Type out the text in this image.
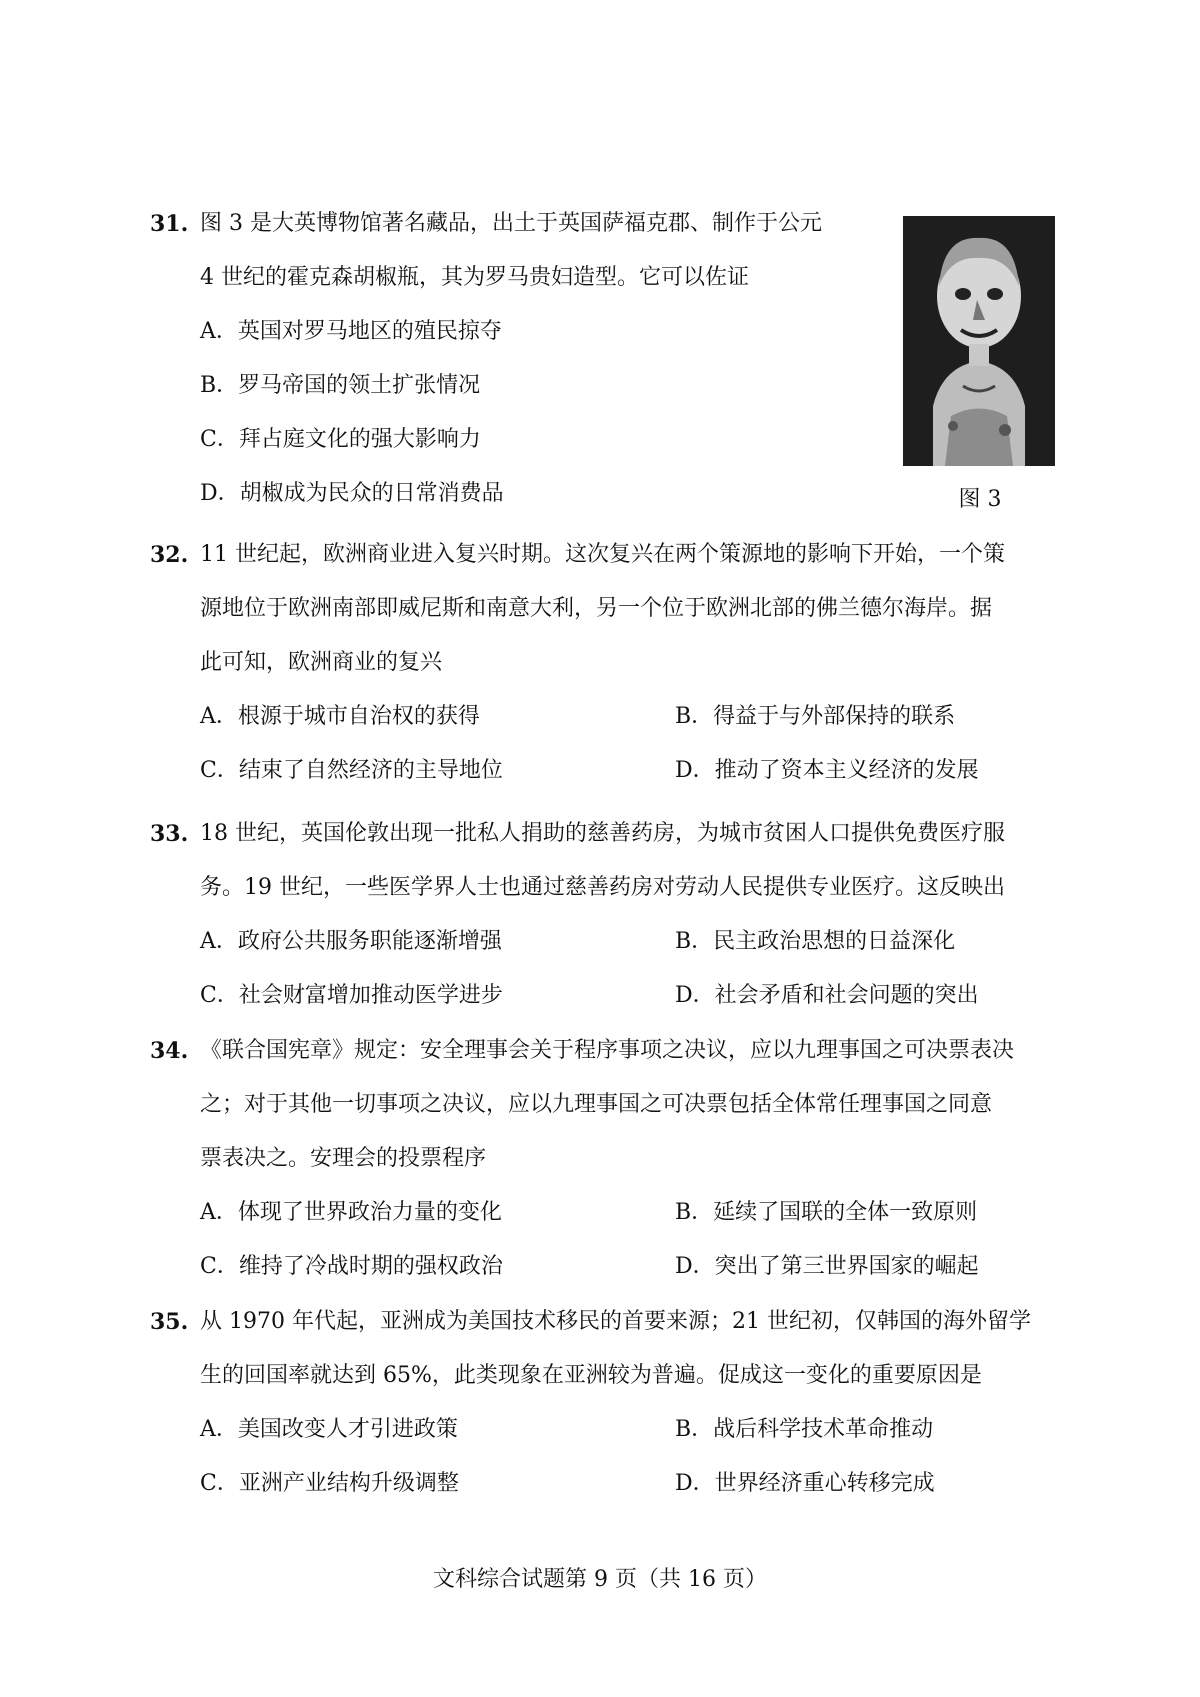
31. 图 3 是大英博物馆著名藏品，出土于英国萨福克郡、制作于公元
4 世纪的霍克森胡椒瓶，其为罗马贵妇造型。它可以佐证
A．英国对罗马地区的殖民掠夺
B．罗马帝国的领土扩张情况
C．拜占庭文化的强大影响力
D．胡椒成为民众的日常消费品	图 3
32. 11 世纪起，欧洲商业进入复兴时期。这次复兴在两个策源地的影响下开始，一个策
源地位于欧洲南部即威尼斯和南意大利，另一个位于欧洲北部的佛兰德尔海岸。据
此可知，欧洲商业的复兴
A．根源于城市自治权的获得	B．得益于与外部保持的联系
C．结束了自然经济的主导地位	D．推动了资本主义经济的发展
33. 18 世纪，英国伦敦出现一批私人捐助的慈善药房，为城市贫困人口提供免费医疗服
务。19 世纪，一些医学界人士也通过慈善药房对劳动人民提供专业医疗。这反映出
A．政府公共服务职能逐渐增强	B．民主政治思想的日益深化
C．社会财富增加推动医学进步	D．社会矛盾和社会问题的突出
34. 《联合国宪章》规定：安全理事会关于程序事项之决议，应以九理事国之可决票表决
之；对于其他一切事项之决议，应以九理事国之可决票包括全体常任理事国之同意
票表决之。安理会的投票程序
A．体现了世界政治力量的变化	B．延续了国联的全体一致原则
C．维持了冷战时期的强权政治	D．突出了第三世界国家的崛起
35. 从 1970 年代起，亚洲成为美国技术移民的首要来源；21 世纪初，仅韩国的海外留学
生的回国率就达到 65%，此类现象在亚洲较为普遍。促成这一变化的重要原因是
A．美国改变人才引进政策	B．战后科学技术革命推动
C．亚洲产业结构升级调整	D．世界经济重心转移完成
文科综合试题第 9 页（共 16 页）
